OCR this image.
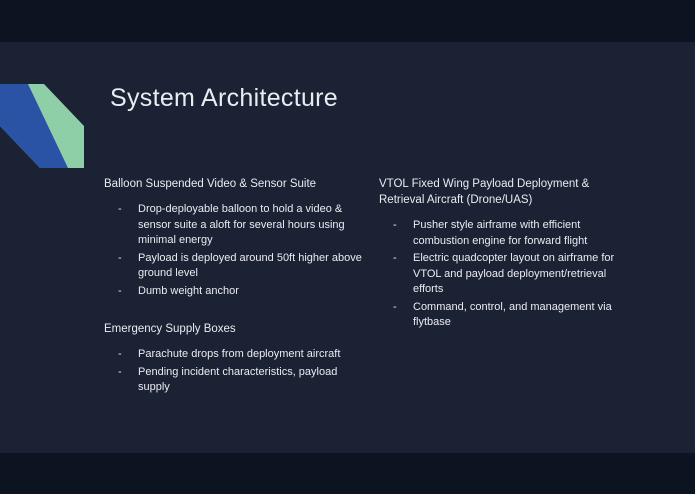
System Architecture

Balloon Suspended Video & Sensor Suite

- Drop-deployable balloon to hold a video & sensor suite a aloft for several hours using minimal energy
- Payload is deployed around 50ft higher above ground level
- Dumb weight anchor

Emergency Supply Boxes

- Parachute drops from deployment aircraft
- Pending incident characteristics, payload supply

VTOL Fixed Wing Payload Deployment & Retrieval Aircraft (Drone/UAS)

- Pusher style airframe with efficient combustion engine for forward flight
- Electric quadcopter layout on airframe for VTOL and payload deployment/retrieval efforts
- Command, control, and management via flytbase
